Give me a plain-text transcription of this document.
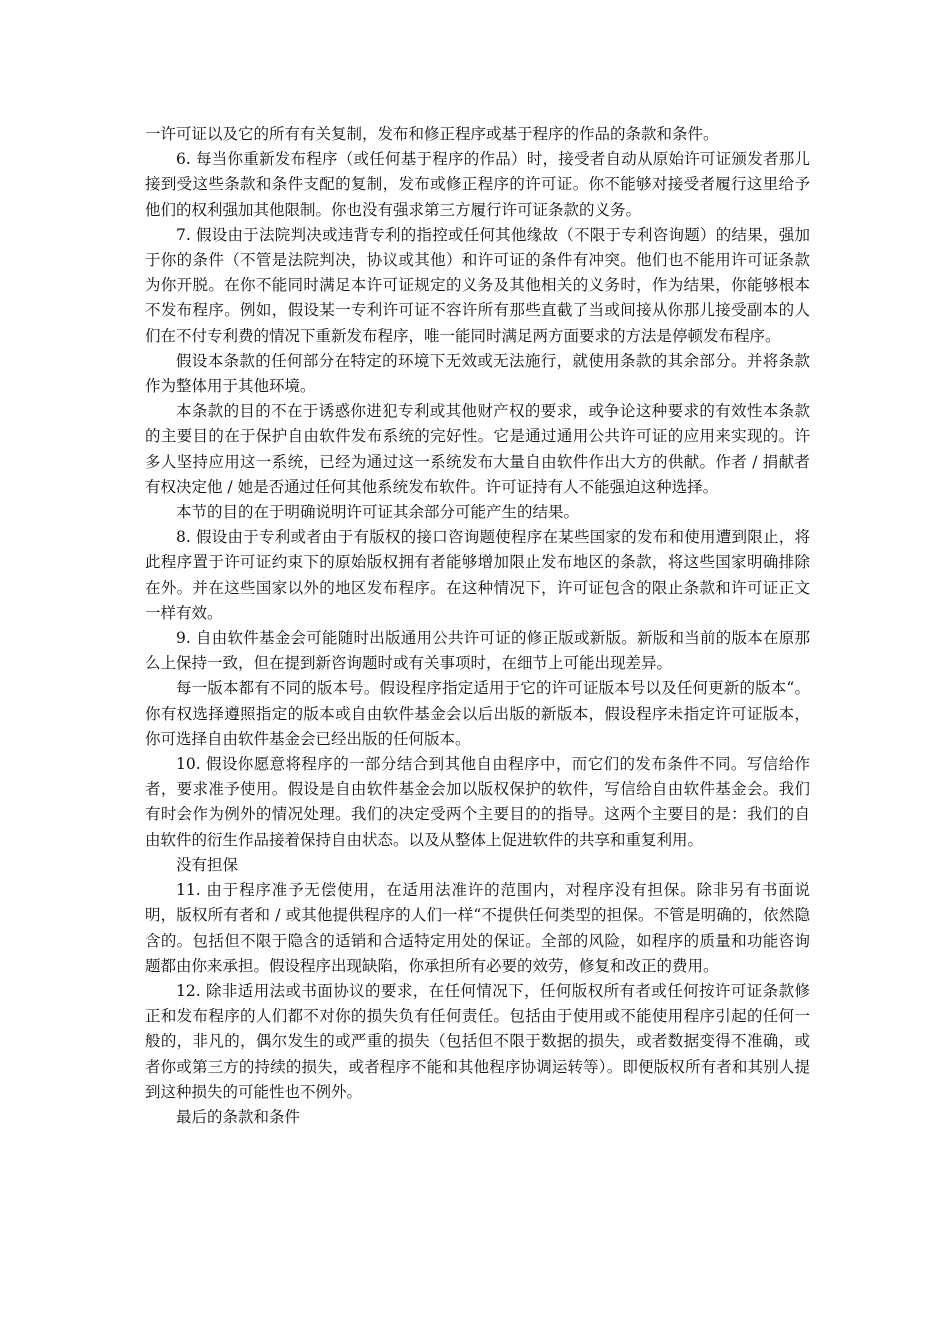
一许可证以及它的所有有关复制，发布和修正程序或基于程序的作品的条款和条件。

6. 每当你重新发布程序（或任何基于程序的作品）时，接受者自动从原始许可证颁发者那儿接到受这些条款和条件支配的复制，发布或修正程序的许可证。你不能够对接受者履行这里给予他们的权利强加其他限制。你也没有强求第三方履行许可证条款的义务。

7. 假设由于法院判决或违背专利的指控或任何其他缘故（不限于专利咨询题）的结果，强加于你的条件（不管是法院判决，协议或其他）和许可证的条件有冲突。他们也不能用许可证条款为你开脱。在你不能同时满足本许可证规定的义务及其他相关的义务时，作为结果，你能够根本不发布程序。例如，假设某一专利许可证不容许所有那些直截了当或间接从你那儿接受副本的人们在不付专利费的情况下重新发布程序，唯一能同时满足两方面要求的方法是停顿发布程序。

假设本条款的任何部分在特定的环境下无效或无法施行，就使用条款的其余部分。并将条款作为整体用于其他环境。

本条款的目的不在于诱惑你进犯专利或其他财产权的要求，或争论这种要求的有效性本条款的主要目的在于保护自由软件发布系统的完好性。它是通过通用公共许可证的应用来实现的。许多人坚持应用这一系统，已经为通过这一系统发布大量自由软件作出大方的供献。作者 / 捐献者有权决定他 / 她是否通过任何其他系统发布软件。许可证持有人不能强迫这种选择。

本节的目的在于明确说明许可证其余部分可能产生的结果。

8. 假设由于专利或者由于有版权的接口咨询题使程序在某些国家的发布和使用遭到限止，将此程序置于许可证约束下的原始版权拥有者能够增加限止发布地区的条款，将这些国家明确排除在外。并在这些国家以外的地区发布程序。在这种情况下，许可证包含的限止条款和许可证正文一样有效。

9. 自由软件基金会可能随时出版通用公共许可证的修正版或新版。新版和当前的版本在原那么上保持一致，但在提到新咨询题时或有关事项时，在细节上可能出现差异。

每一版本都有不同的版本号。假设程序指定适用于它的许可证版本号以及任何更新的版本“。你有权选择遵照指定的版本或自由软件基金会以后出版的新版本，假设程序未指定许可证版本，你可选择自由软件基金会已经出版的任何版本。

10. 假设你愿意将程序的一部分结合到其他自由程序中，而它们的发布条件不同。写信给作者，要求准予使用。假设是自由软件基金会加以版权保护的软件，写信给自由软件基金会。我们有时会作为例外的情况处理。我们的决定受两个主要目的的指导。这两个主要目的是：我们的自由软件的衍生作品接着保持自由状态。以及从整体上促进软件的共享和重复利用。

没有担保

11. 由于程序准予无偿使用，在适用法准许的范围内，对程序没有担保。除非另有书面说明，版权所有者和 / 或其他提供程序的人们一样“不提供任何类型的担保。不管是明确的，依然隐含的。包括但不限于隐含的适销和合适特定用处的保证。全部的风险，如程序的质量和功能咨询题都由你来承担。假设程序出现缺陷，你承担所有必要的效劳，修复和改正的费用。

12. 除非适用法或书面协议的要求，在任何情况下，任何版权所有者或任何按许可证条款修正和发布程序的人们都不对你的损失负有任何责任。包括由于使用或不能使用程序引起的任何一般的，非凡的，偶尔发生的或严重的损失（包括但不限于数据的损失，或者数据变得不准确，或者你或第三方的持续的损失，或者程序不能和其他程序协调运转等）。即便版权所有者和其别人提到这种损失的可能性也不例外。

最后的条款和条件
